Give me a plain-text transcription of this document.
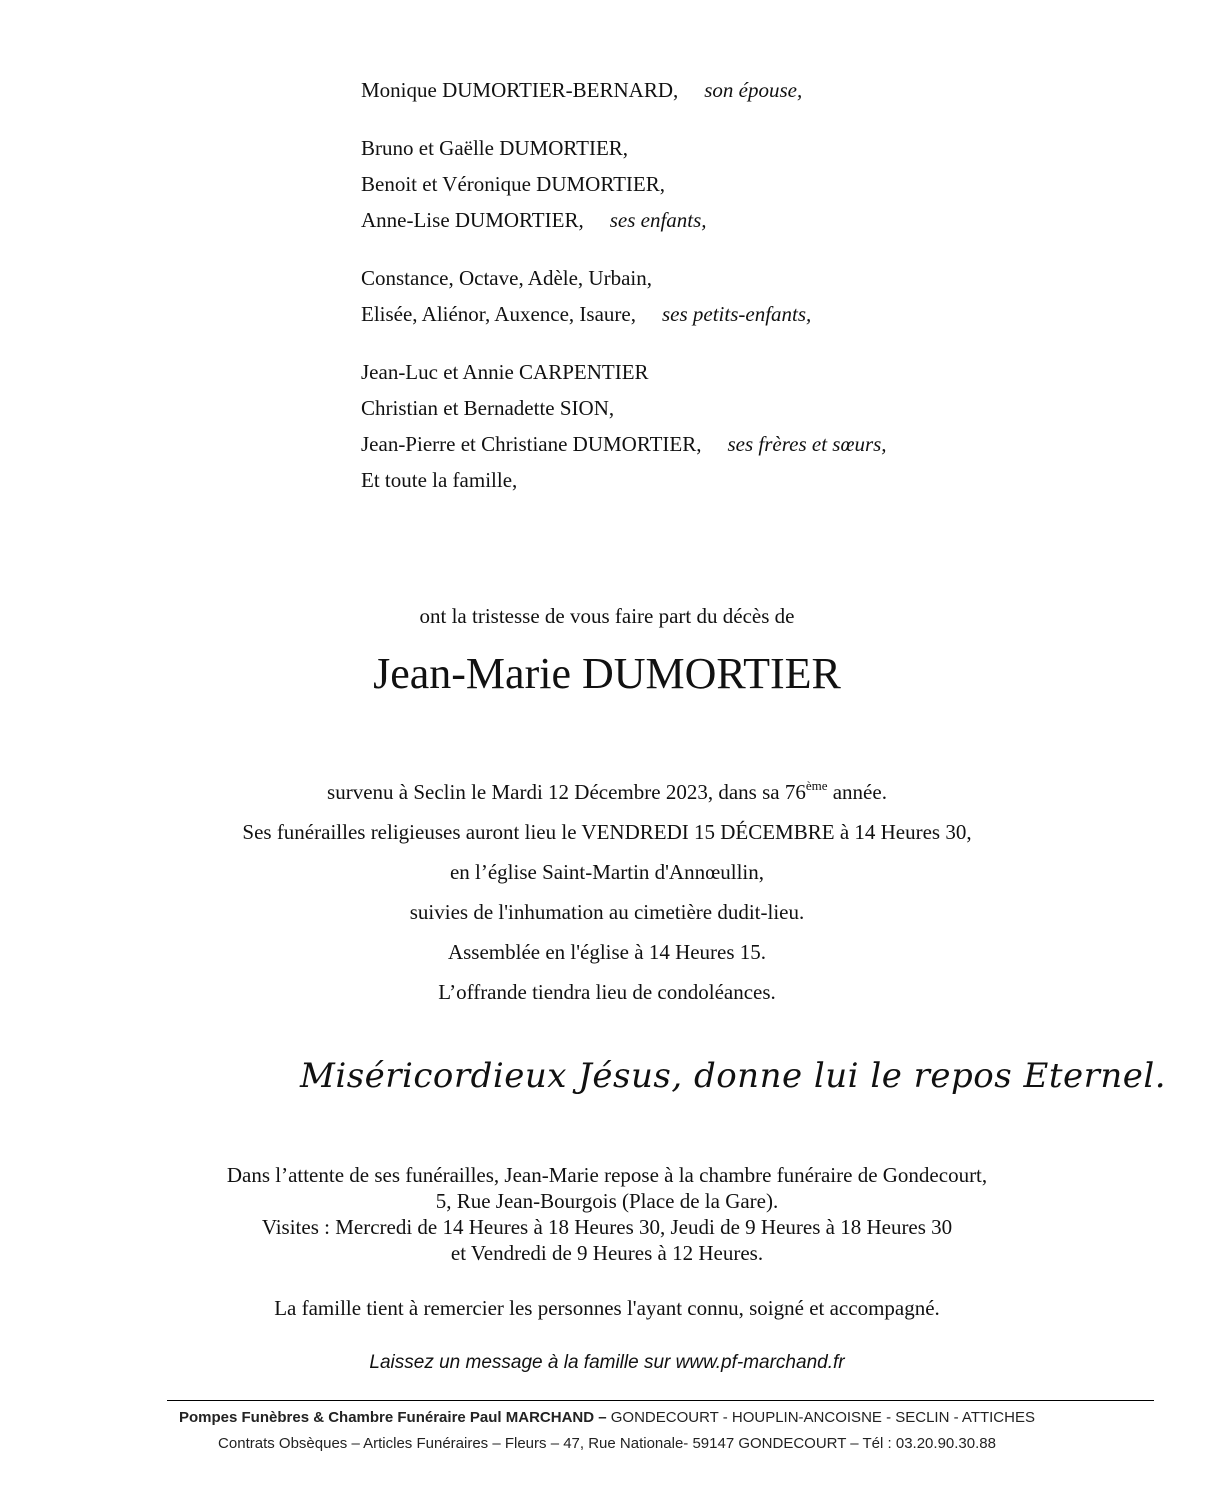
Monique DUMORTIER-BERNARD, son épouse,
Bruno et Gaëlle DUMORTIER,
Benoit et Véronique DUMORTIER,
Anne-Lise DUMORTIER, ses enfants,
Constance, Octave, Adèle, Urbain,
Elisée, Aliénor, Auxence, Isaure, ses petits-enfants,
Jean-Luc et Annie CARPENTIER
Christian et Bernadette SION,
Jean-Pierre et Christiane DUMORTIER, ses frères et sœurs,
Et toute la famille,
ont la tristesse de vous faire part du décès de
Jean-Marie DUMORTIER
survenu à Seclin le Mardi 12 Décembre 2023, dans sa 76ème année.
Ses funérailles religieuses auront lieu le VENDREDI 15 DÉCEMBRE à 14 Heures 30,
en l’église Saint-Martin d'Annœullin,
suivies de l'inhumation au cimetière dudit-lieu.
Assemblée en l'église à 14 Heures 15.
L’offrande tiendra lieu de condoléances.
Miséricordieux Jésus, donne lui le repos Eternel.
Dans l’attente de ses funérailles, Jean-Marie repose à la chambre funéraire de Gondecourt,
5, Rue Jean-Bourgois (Place de la Gare).
Visites : Mercredi de 14 Heures à 18 Heures 30, Jeudi de 9 Heures à 18 Heures 30
et Vendredi de 9 Heures à 12 Heures.
La famille tient à remercier les personnes l'ayant connu, soigné et accompagné.
Laissez un message à la famille sur www.pf-marchand.fr
Pompes Funèbres & Chambre Funéraire Paul MARCHAND – GONDECOURT - HOUPLIN-ANCOISNE - SECLIN - ATTICHES
Contrats Obsèques – Articles Funéraires – Fleurs – 47, Rue Nationale- 59147 GONDECOURT – Tél : 03.20.90.30.88
